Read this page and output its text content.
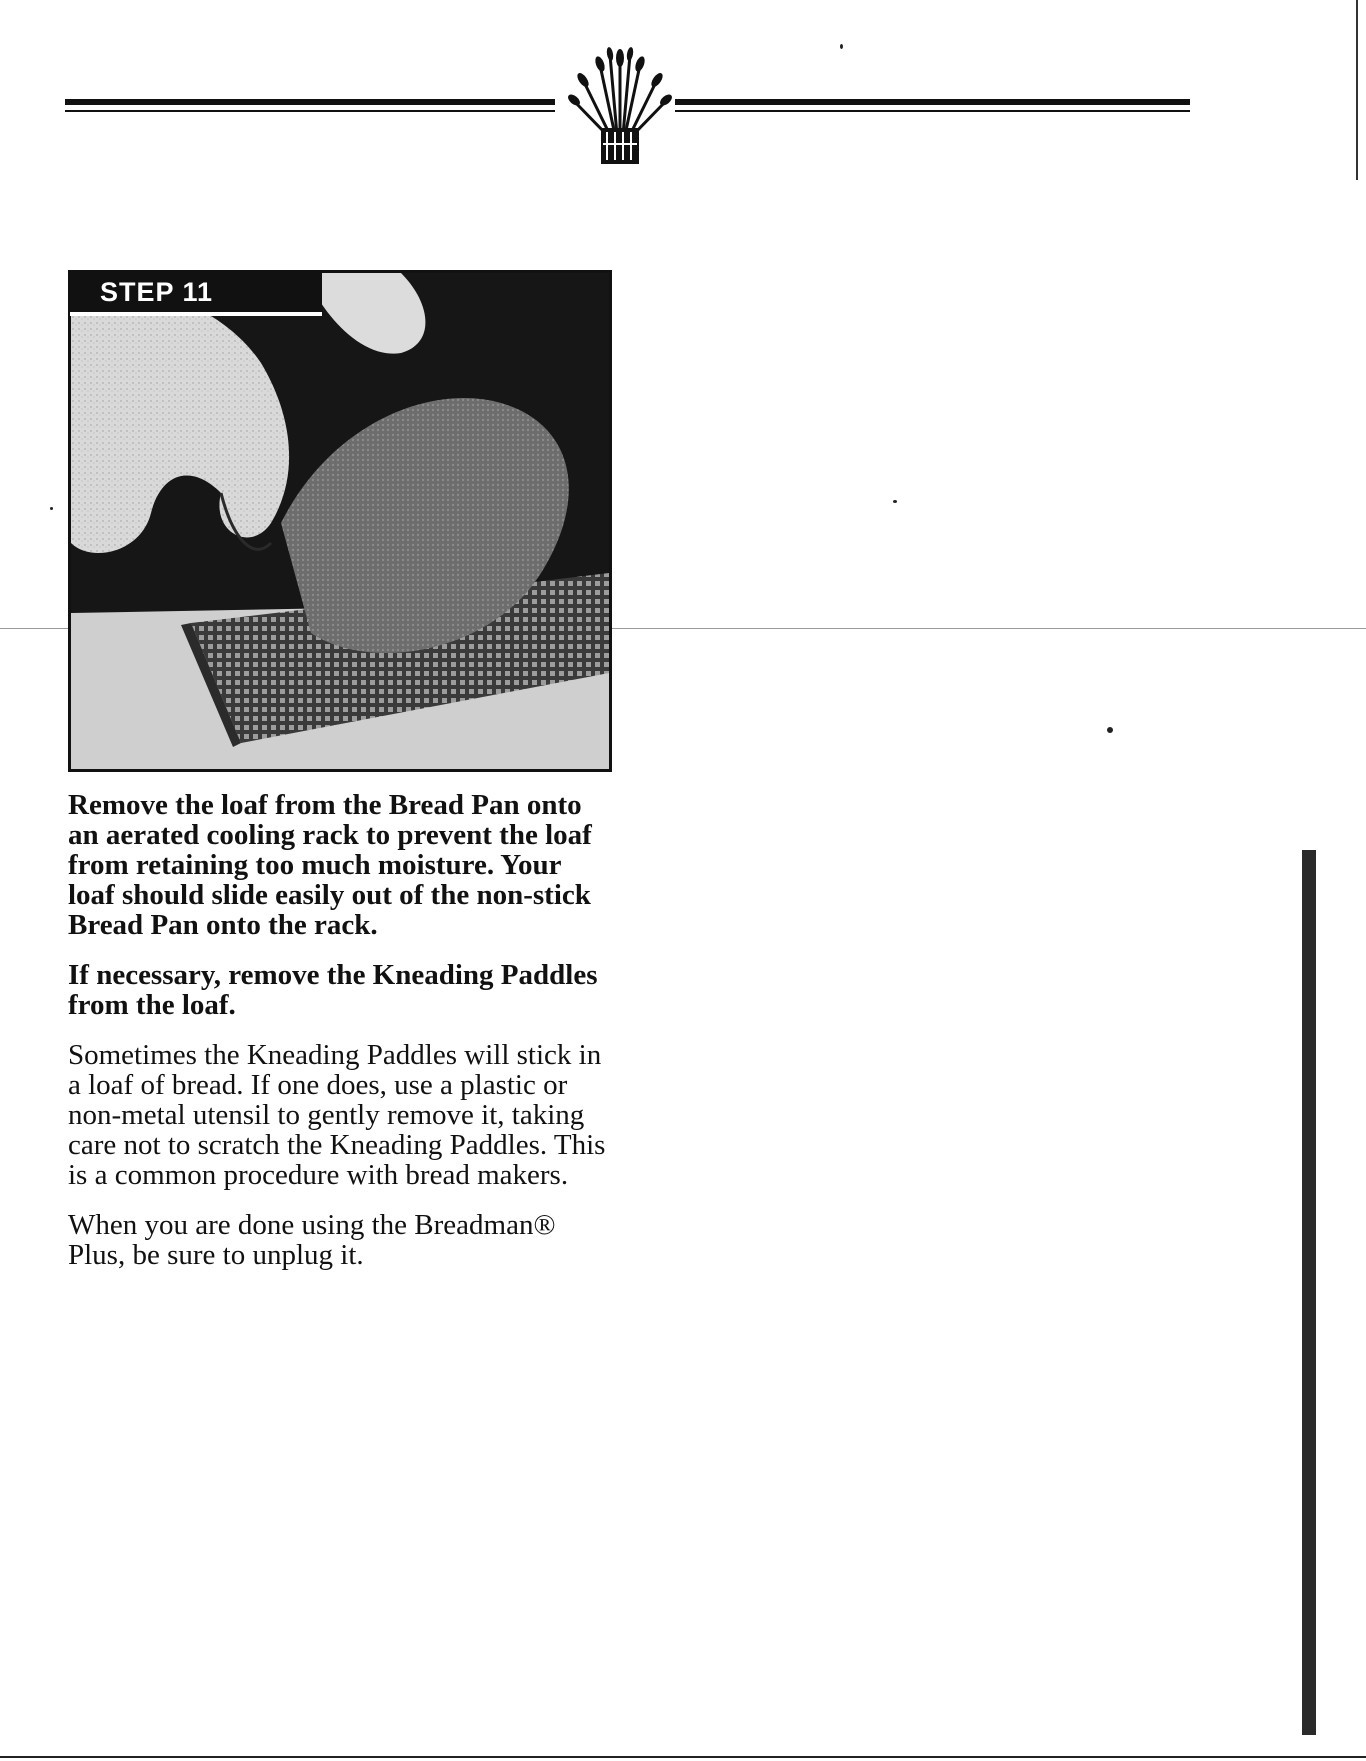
STEP 11

Remove the loaf from the Bread Pan onto an aerated cooling rack to prevent the loaf from retaining too much moisture. Your loaf should slide easily out of the non-stick Bread Pan onto the rack.

If necessary, remove the Kneading Paddles from the loaf.

Sometimes the Kneading Paddles will stick in a loaf of bread. If one does, use a plastic or non-metal utensil to gently remove it, taking care not to scratch the Kneading Paddles. This is a common procedure with bread makers.

When you are done using the Breadman® Plus, be sure to unplug it.
